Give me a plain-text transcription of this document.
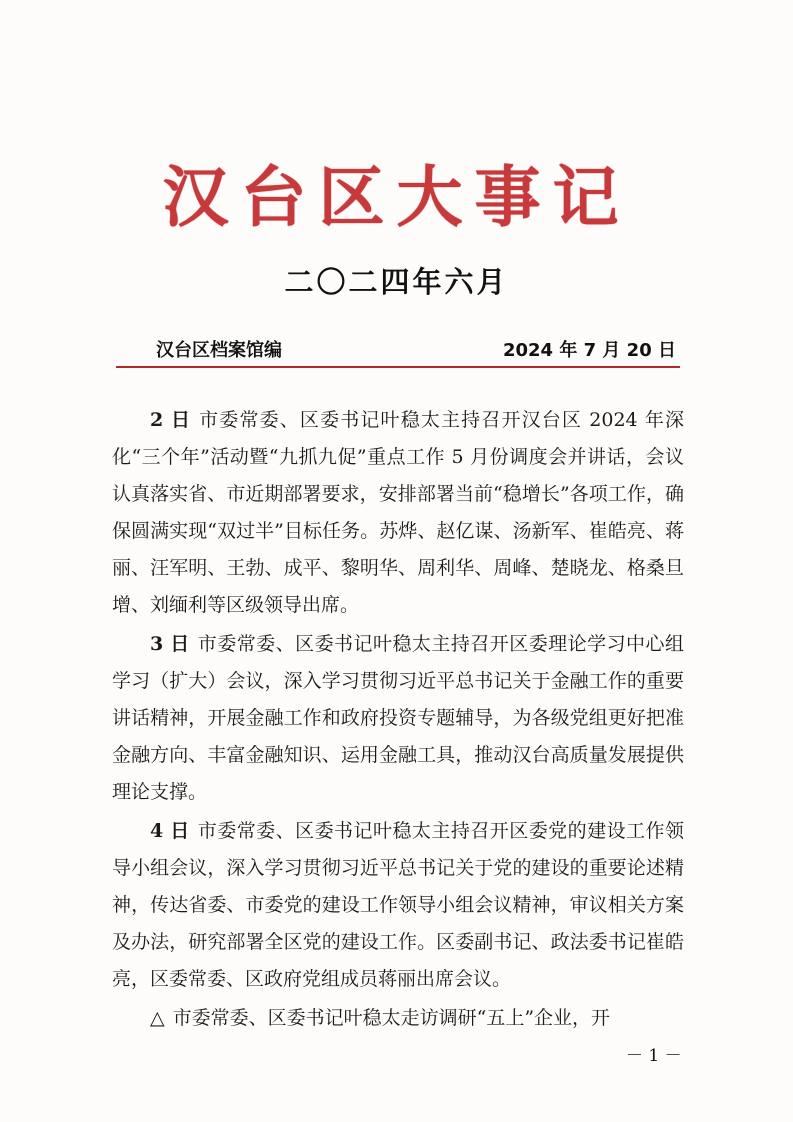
汉台区大事记
二〇二四年六月
汉台区档案馆编	2024 年 7 月 20 日

2 日 市委常委、区委书记叶稳太主持召开汉台区 2024 年深化“三个年”活动暨“九抓九促”重点工作 5 月份调度会并讲话，会议认真落实省、市近期部署要求，安排部署当前“稳增长”各项工作，确保圆满实现“双过半”目标任务。苏烨、赵亿谋、汤新军、崔皓亮、蒋丽、汪军明、王勃、成平、黎明华、周利华、周峰、楚晓龙、格桑旦增、刘缅利等区级领导出席。

3 日 市委常委、区委书记叶稳太主持召开区委理论学习中心组学习（扩大）会议，深入学习贯彻习近平总书记关于金融工作的重要讲话精神，开展金融工作和政府投资专题辅导，为各级党组更好把准金融方向、丰富金融知识、运用金融工具，推动汉台高质量发展提供理论支撑。

4 日 市委常委、区委书记叶稳太主持召开区委党的建设工作领导小组会议，深入学习贯彻习近平总书记关于党的建设的重要论述精神，传达省委、市委党的建设工作领导小组会议精神，审议相关方案及办法，研究部署全区党的建设工作。区委副书记、政法委书记崔皓亮，区委常委、区政府党组成员蒋丽出席会议。

△ 市委常委、区委书记叶稳太走访调研“五上”企业，开

－ 1 －
